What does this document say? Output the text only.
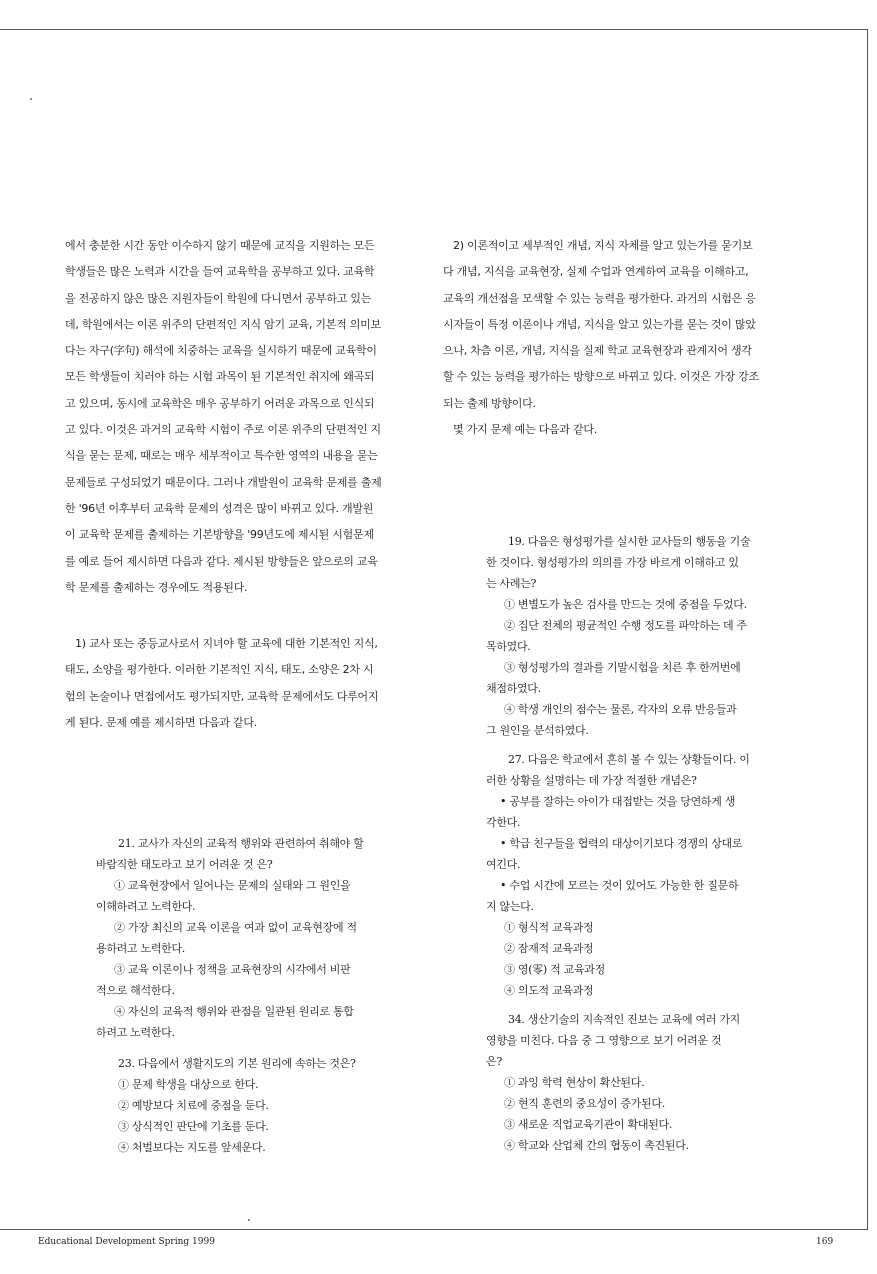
에서 충분한 시간 동안 이수하지 않기 때문에 교직을 지원하는 모든

학생들은 많은 노력과 시간을 들여 교육학을 공부하고 있다. 교육학

을 전공하지 않은 많은 지원자들이 학원에 다니면서 공부하고 있는

데, 학원에서는 이론 위주의 단편적인 지식 암기 교육, 기본적 의미보

다는 자구(字句) 해석에 치중하는 교육을 실시하기 때문에 교육학이

모든 학생들이 치러야 하는 시험 과목이 된 기본적인 취지에 왜곡되

고 있으며, 동시에 교육학은 매우 공부하기 어려운 과목으로 인식되

고 있다. 이것은 과거의 교육학 시험이 주로 이론 위주의 단편적인 지

식을 묻는 문제, 때로는 매우 세부적이고 특수한 영역의 내용을 묻는

문제들로 구성되었기 때문이다. 그러나 개발원이 교육학 문제를 출제

한 '96년 이후부터 교육학 문제의 성격은 많이 바뀌고 있다. 개발원

이 교육학 문제를 출제하는 기본방향을 '99년도에 제시된 시험문제

를 예로 들어 제시하면 다음과 같다. 제시된 방향들은 앞으로의 교육

학 문제를 출제하는 경우에도 적용된다.

1) 교사 또는 중등교사로서 지녀야 할 교육에 대한 기본적인 지식,

태도, 소양을 평가한다. 이러한 기본적인 지식, 태도, 소양은 2차 시

험의 논술이나 면접에서도 평가되지만, 교육학 문제에서도 다루어지

게 된다. 문제 예를 제시하면 다음과 같다.

21. 교사가 자신의 교육적 행위와 관련하여 취해야 할

바람직한 태도라고 보기 어려운 것 은?

① 교육현장에서 일어나는 문제의 실태와 그 원인을

이해하려고 노력한다.

② 가장 최신의 교육 이론을 여과 없이 교육현장에 적

용하려고 노력한다.

③ 교육 이론이나 정책을 교육현장의 시각에서 비판

적으로 해석한다.

④ 자신의 교육적 행위와 관점을 일관된 원리로 통합

하려고 노력한다.

23. 다음에서 생활지도의 기본 원리에 속하는 것은?

① 문제 학생을 대상으로 한다.

② 예방보다 치료에 중점을 둔다.

③ 상식적인 판단에 기초를 둔다.

④ 처벌보다는 지도를 앞세운다.

2) 이론적이고 세부적인 개념, 지식 자체를 알고 있는가를 묻기보

다 개념, 지식을 교육현장, 실제 수업과 연계하여 교육을 이해하고,

교육의 개선점을 모색할 수 있는 능력을 평가한다. 과거의 시험은 응

시자들이 특정 이론이나 개념, 지식을 알고 있는가를 묻는 것이 많았

으나, 차츰 이론, 개념, 지식을 실제 학교 교육현장과 관계지어 생각

할 수 있는 능력을 평가하는 방향으로 바뀌고 있다. 이것은 가장 강조

되는 출제 방향이다.

몇 가지 문제 예는 다음과 같다.

19. 다음은 형성평가를 실시한 교사들의 행동을 기술

한 것이다. 형성평가의 의의를 가장 바르게 이해하고 있

는 사례는?

① 변별도가 높은 검사를 만드는 것에 중점을 두었다.

② 집단 전체의 평균적인 수행 정도를 파악하는 데 주

목하였다.

③ 형성평가의 결과를 기말시험을 치른 후 한꺼번에

채점하였다.

④ 학생 개인의 점수는 물론, 각자의 오류 반응들과

그 원인을 분석하였다.

27. 다음은 학교에서 흔히 볼 수 있는 상황들이다. 이

러한 상황을 설명하는 데 가장 적절한 개념은?

• 공부를 잘하는 아이가 대접받는 것을 당연하게 생

각한다.

• 학급 친구들을 협력의 대상이기보다 경쟁의 상대로

여긴다.

• 수업 시간에 모르는 것이 있어도 가능한 한 질문하

지 않는다.

① 형식적 교육과정

② 잠재적 교육과정

③ 영(零) 적 교육과정

④ 의도적 교육과정

34. 생산기술의 지속적인 진보는 교육에 여러 가지

영향을 미친다. 다음 중 그 영향으로 보기 어려운 것

은?

① 과잉 학력 현상이 확산된다.

② 현직 훈련의 중요성이 증가된다.

③ 새로운 직업교육기관이 확대된다.

④ 학교와 산업체 간의 협동이 촉진된다.

Educational Development Spring 1999	169
